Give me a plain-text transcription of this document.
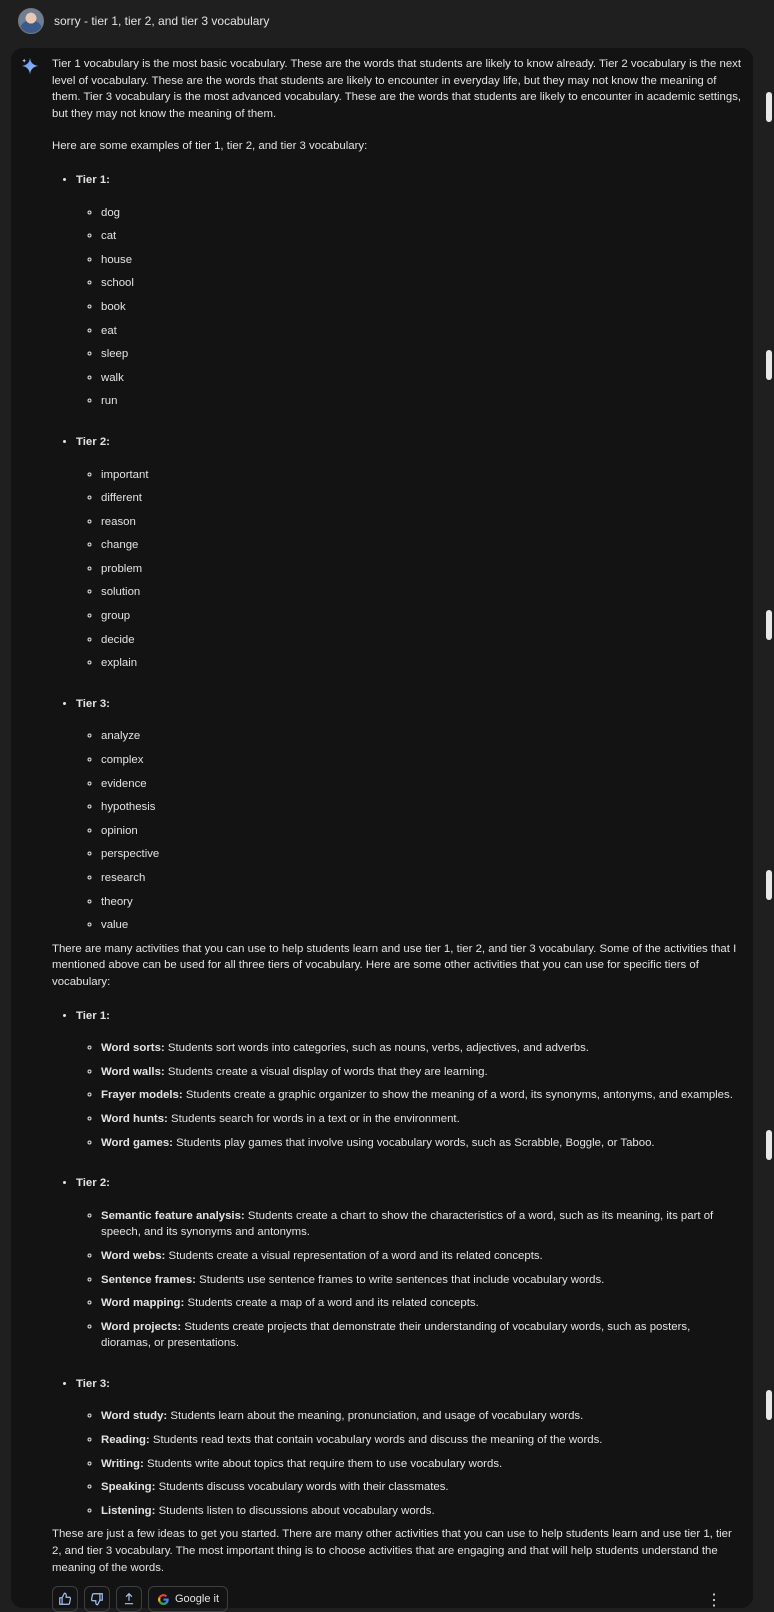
sorry - tier 1, tier 2, and tier 3 vocabulary

Tier 1 vocabulary is the most basic vocabulary. These are the words that students are likely to know already. Tier 2 vocabulary is the next level of vocabulary. These are the words that students are likely to encounter in everyday life, but they may not know the meaning of them. Tier 3 vocabulary is the most advanced vocabulary. These are the words that students are likely to encounter in academic settings, but they may not know the meaning of them.

Here are some examples of tier 1, tier 2, and tier 3 vocabulary:

• Tier 1:
◦ dog
◦ cat
◦ house
◦ school
◦ book
◦ eat
◦ sleep
◦ walk
◦ run
• Tier 2:
◦ important
◦ different
◦ reason
◦ change
◦ problem
◦ solution
◦ group
◦ decide
◦ explain
• Tier 3:
◦ analyze
◦ complex
◦ evidence
◦ hypothesis
◦ opinion
◦ perspective
◦ research
◦ theory
◦ value

There are many activities that you can use to help students learn and use tier 1, tier 2, and tier 3 vocabulary. Some of the activities that I mentioned above can be used for all three tiers of vocabulary. Here are some other activities that you can use for specific tiers of vocabulary:

• Tier 1:
◦ Word sorts: Students sort words into categories, such as nouns, verbs, adjectives, and adverbs.
◦ Word walls: Students create a visual display of words that they are learning.
◦ Frayer models: Students create a graphic organizer to show the meaning of a word, its synonyms, antonyms, and examples.
◦ Word hunts: Students search for words in a text or in the environment.
◦ Word games: Students play games that involve using vocabulary words, such as Scrabble, Boggle, or Taboo.
• Tier 2:
◦ Semantic feature analysis: Students create a chart to show the characteristics of a word, such as its meaning, its part of speech, and its synonyms and antonyms.
◦ Word webs: Students create a visual representation of a word and its related concepts.
◦ Sentence frames: Students use sentence frames to write sentences that include vocabulary words.
◦ Word mapping: Students create a map of a word and its related concepts.
◦ Word projects: Students create projects that demonstrate their understanding of vocabulary words, such as posters, dioramas, or presentations.
• Tier 3:
◦ Word study: Students learn about the meaning, pronunciation, and usage of vocabulary words.
◦ Reading: Students read texts that contain vocabulary words and discuss the meaning of the words.
◦ Writing: Students write about topics that require them to use vocabulary words.
◦ Speaking: Students discuss vocabulary words with their classmates.
◦ Listening: Students listen to discussions about vocabulary words.

These are just a few ideas to get you started. There are many other activities that you can use to help students learn and use tier 1, tier 2, and tier 3 vocabulary. The most important thing is to choose activities that are engaging and that will help students understand the meaning of the words.

Google it	⋮
